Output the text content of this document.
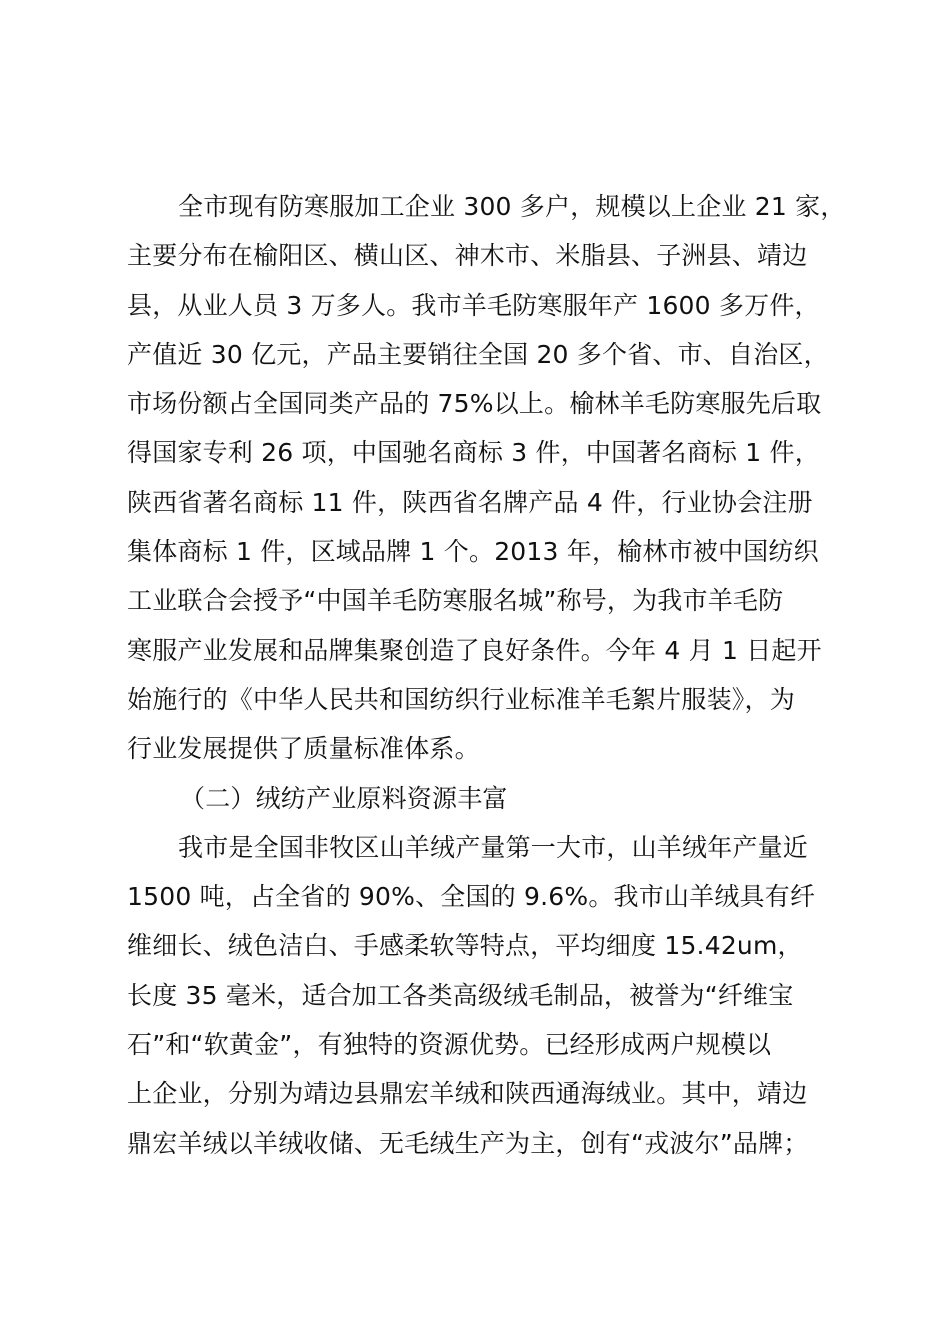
全市现有防寒服加工企业 300 多户，规模以上企业 21 家，
主要分布在榆阳区、横山区、神木市、米脂县、子洲县、靖边
县，从业人员 3 万多人。我市羊毛防寒服年产 1600 多万件，
产值近 30 亿元，产品主要销往全国 20 多个省、市、自治区，
市场份额占全国同类产品的 75%以上。榆林羊毛防寒服先后取
得国家专利 26 项，中国驰名商标 3 件，中国著名商标 1 件，
陕西省著名商标 11 件，陕西省名牌产品 4 件，行业协会注册
集体商标 1 件，区域品牌 1 个。2013 年，榆林市被中国纺织
工业联合会授予“中国羊毛防寒服名城”称号，为我市羊毛防
寒服产业发展和品牌集聚创造了良好条件。今年 4 月 1 日起开
始施行的《中华人民共和国纺织行业标准羊毛絮片服装》，为
行业发展提供了质量标准体系。
（二）绒纺产业原料资源丰富
我市是全国非牧区山羊绒产量第一大市，山羊绒年产量近
1500 吨，占全省的 90%、全国的 9.6%。我市山羊绒具有纤
维细长、绒色洁白、手感柔软等特点，平均细度 15.42um，
长度 35 毫米，适合加工各类高级绒毛制品，被誉为“纤维宝
石”和“软黄金”，有独特的资源优势。已经形成两户规模以
上企业，分别为靖边县鼎宏羊绒和陕西通海绒业。其中，靖边
鼎宏羊绒以羊绒收储、无毛绒生产为主，创有“戎波尔”品牌；
